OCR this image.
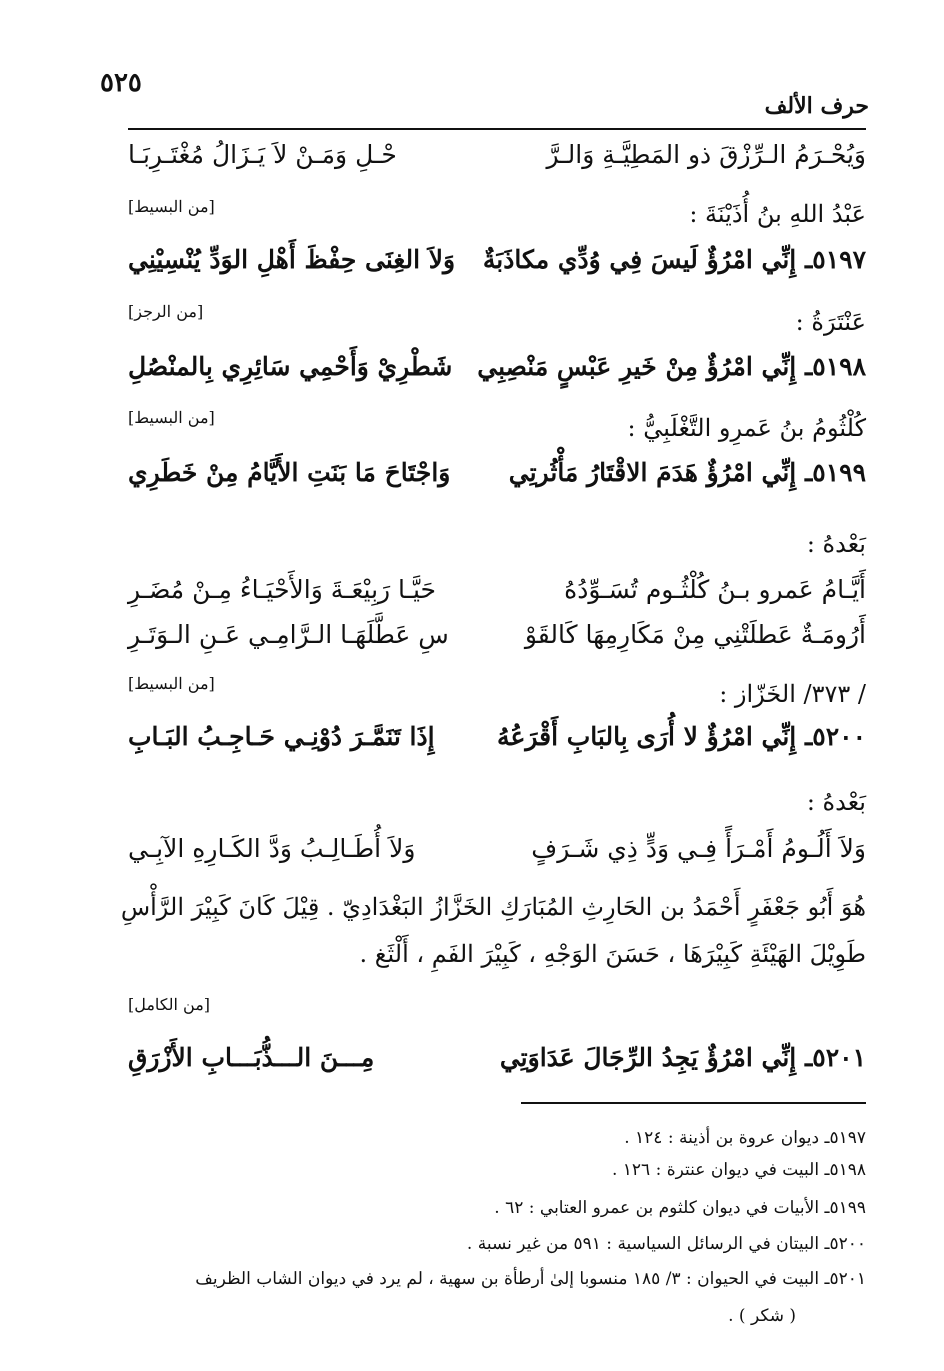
٥٢٥
حرف الألف
وَيُحْـرَمُ الـرِّزْقَ ذو المَطِيَّـةِ وَالـرَّ
حْـلِ وَمَـنْ لاَ يَـزَالُ مُغْتَـرِبَـا
[من البسيط]	عَبْدُ اللهِ بنُ أُذَيْنَةَ :
٥١٩٧ـ إِنِّي امْرُؤٌ لَيسَ فِي وُدِّي مكاذَبَةٌ
وَلاَ الغِنَى حِفْظَ أَهْلِ الوَدِّ يُنْسِيْنِي
[من الرجز]	عَنْتَرَةُ :
٥١٩٨ـ إِنِّي امْرُؤٌ مِنْ خَيرِ عَبْسٍ مَنْصِبِي
شَطْرِيْ وَأَحْمِي سَائِرِي بِالمنْصُلِ
[من البسيط]	كُلْثُومُ بنُ عَمرِو التَّغْلَبِيُّ :
٥١٩٩ـ إِنِّي امْرُؤٌ هَدَمَ الاقْتَارُ مَأْثُرتِي
وَاجْتَاحَ مَا بَنَتِ الأَيَّامُ مِنْ خَطَرِي
بَعْدهُ :
أَيَّـامُ عَمرو بـنُ كُلْثُـوم تُسَـوِّدُهُ
حَيَّـا رَبِيْعَـةَ وَالأَحْيَـاءُ مِـنْ مُضَـرِ
أَرُومَـةٌ عَطلَتْنِي مِنْ مَكَارِمِهَا كَالقَوْ
سِ عَطَّلَهَـا الـرَّامِـي عَـنِ الـوَتَـرِ
[من البسيط]	/ ٣٧٣/ الخَزّاز :
٥٢٠٠ـ إِنِّي امْرُؤٌ لا أُرَى بِالبَابِ أَقْرَعُهُ
إِذَا تَنَمَّـرَ دُوْنِـي حَـاجِـبُ البَـابِ
بَعْدهُ :
وَلاَ أَلُـومُ أَمْـرَأً فِـي وَدٍّ ذِي شَـرَفٍ
وَلاَ أُطَـالِـبُ وَدَّ الكَـارِهِ الآبِـي
هُوَ أَبُو جَعْفَرٍ أَحْمَدُ بن الحَارِثِ المُبَارَكِ الخَزَّازُ البَغْدَادِيّ . قِيْلَ كَانَ كَبِيْرَ الرَّأْسِ
طَوِيْلَ الهَيْئَةِ كَبِيْرَهَا ، حَسَنَ الوَجْهِ ، كَبِيْرَ الفَمِ ، أَلْثَغ .
[من الكامل]
٥٢٠١ـ إِنِّي امْرُؤٌ يَجِدُ الرِّجَالَ عَدَاوَتِي
مِـــنَ الـــذُّبَـــابِ الأَزْرَقِ
٥١٩٧ـ ديوان عروة بن أذينة : ١٢٤ .
٥١٩٨ـ البيت في ديوان عنترة : ١٢٦ .
٥١٩٩ـ الأبيات في ديوان كلثوم بن عمرو العتابي : ٦٢ .
٥٢٠٠ـ البيتان في الرسائل السياسية : ٥٩١ من غير نسبة .
٥٢٠١ـ البيت في الحيوان : ٣/ ١٨٥ منسوبا إلىٰ أرطأة بن سهية ، لم يرد في ديوان الشاب الظريف
( شكر ) .
